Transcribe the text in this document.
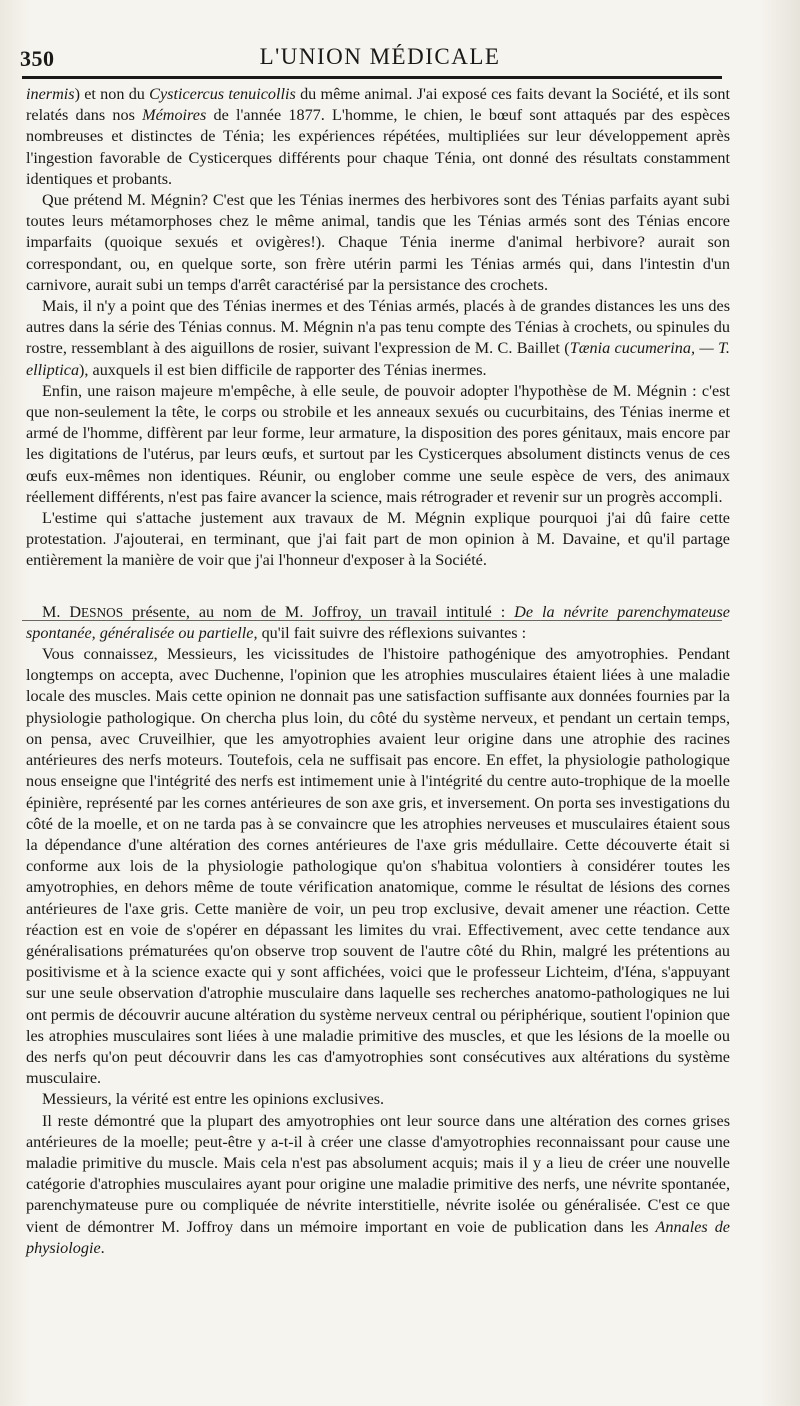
350	L'UNION MÉDICALE

inermis) et non du Cysticercus tenuicollis du même animal. J'ai exposé ces faits devant la Société, et ils sont relatés dans nos Mémoires de l'année 1877. L'homme, le chien, le bœuf sont attaqués par des espèces nombreuses et distinctes de Ténia; les expériences répétées, multipliées sur leur développement après l'ingestion favorable de Cysticerques différents pour chaque Ténia, ont donné des résultats constamment identiques et probants.

Que prétend M. Mégnin? C'est que les Ténias inermes des herbivores sont des Ténias parfaits ayant subi toutes leurs métamorphoses chez le même animal, tandis que les Ténias armés sont des Ténias encore imparfaits (quoique sexués et ovigères!). Chaque Ténia inerme d'animal herbivore? aurait son correspondant, ou, en quelque sorte, son frère utérin parmi les Ténias armés qui, dans l'intestin d'un carnivore, aurait subi un temps d'arrêt caractérisé par la persistance des crochets.

Mais, il n'y a point que des Ténias inermes et des Ténias armés, placés à de grandes distances les uns des autres dans la série des Ténias connus. M. Mégnin n'a pas tenu compte des Ténias à crochets, ou spinules du rostre, ressemblant à des aiguillons de rosier, suivant l'expression de M. C. Baillet (Tænia cucumerina, — T. elliptica), auxquels il est bien difficile de rapporter des Ténias inermes.

Enfin, une raison majeure m'empêche, à elle seule, de pouvoir adopter l'hypothèse de M. Mégnin : c'est que non-seulement la tête, le corps ou strobile et les anneaux sexués ou cucurbitains, des Ténias inerme et armé de l'homme, diffèrent par leur forme, leur armature, la disposition des pores génitaux, mais encore par les digitations de l'utérus, par leurs œufs, et surtout par les Cysticerques absolument distincts venus de ces œufs eux-mêmes non identiques. Réunir, ou englober comme une seule espèce de vers, des animaux réellement différents, n'est pas faire avancer la science, mais rétrograder et revenir sur un progrès accompli.

L'estime qui s'attache justement aux travaux de M. Mégnin explique pourquoi j'ai dû faire cette protestation. J'ajouterai, en terminant, que j'ai fait part de mon opinion à M. Davaine, et qu'il partage entièrement la manière de voir que j'ai l'honneur d'exposer à la Société.

M. DESNOS présente, au nom de M. Joffroy, un travail intitulé : De la névrite parenchymateuse spontanée, généralisée ou partielle, qu'il fait suivre des réflexions suivantes :

Vous connaissez, Messieurs, les vicissitudes de l'histoire pathogénique des amyotrophies. Pendant longtemps on accepta, avec Duchenne, l'opinion que les atrophies musculaires étaient liées à une maladie locale des muscles. Mais cette opinion ne donnait pas une satisfaction suffisante aux données fournies par la physiologie pathologique. On chercha plus loin, du côté du système nerveux, et pendant un certain temps, on pensa, avec Cruveilhier, que les amyotrophies avaient leur origine dans une atrophie des racines antérieures des nerfs moteurs. Toutefois, cela ne suffisait pas encore. En effet, la physiologie pathologique nous enseigne que l'intégrité des nerfs est intimement unie à l'intégrité du centre auto-trophique de la moelle épinière, représenté par les cornes antérieures de son axe gris, et inversement. On porta ses investigations du côté de la moelle, et on ne tarda pas à se convaincre que les atrophies nerveuses et musculaires étaient sous la dépendance d'une altération des cornes antérieures de l'axe gris médullaire. Cette découverte était si conforme aux lois de la physiologie pathologique qu'on s'habitua volontiers à considérer toutes les amyotrophies, en dehors même de toute vérification anatomique, comme le résultat de lésions des cornes antérieures de l'axe gris. Cette manière de voir, un peu trop exclusive, devait amener une réaction. Cette réaction est en voie de s'opérer en dépassant les limites du vrai. Effectivement, avec cette tendance aux généralisations prématurées qu'on observe trop souvent de l'autre côté du Rhin, malgré les prétentions au positivisme et à la science exacte qui y sont affichées, voici que le professeur Lichteim, d'Iéna, s'appuyant sur une seule observation d'atrophie musculaire dans laquelle ses recherches anatomo-pathologiques ne lui ont permis de découvrir aucune altération du système nerveux central ou périphérique, soutient l'opinion que les atrophies musculaires sont liées à une maladie primitive des muscles, et que les lésions de la moelle ou des nerfs qu'on peut découvrir dans les cas d'amyotrophies sont consécutives aux altérations du système musculaire.

Messieurs, la vérité est entre les opinions exclusives.

Il reste démontré que la plupart des amyotrophies ont leur source dans une altération des cornes grises antérieures de la moelle; peut-être y a-t-il à créer une classe d'amyotrophies reconnaissant pour cause une maladie primitive du muscle. Mais cela n'est pas absolument acquis; mais il y a lieu de créer une nouvelle catégorie d'atrophies musculaires ayant pour origine une maladie primitive des nerfs, une névrite spontanée, parenchymateuse pure ou compliquée de névrite interstitielle, névrite isolée ou généralisée. C'est ce que vient de démontrer M. Joffroy dans un mémoire important en voie de publication dans les Annales de physiologie.
